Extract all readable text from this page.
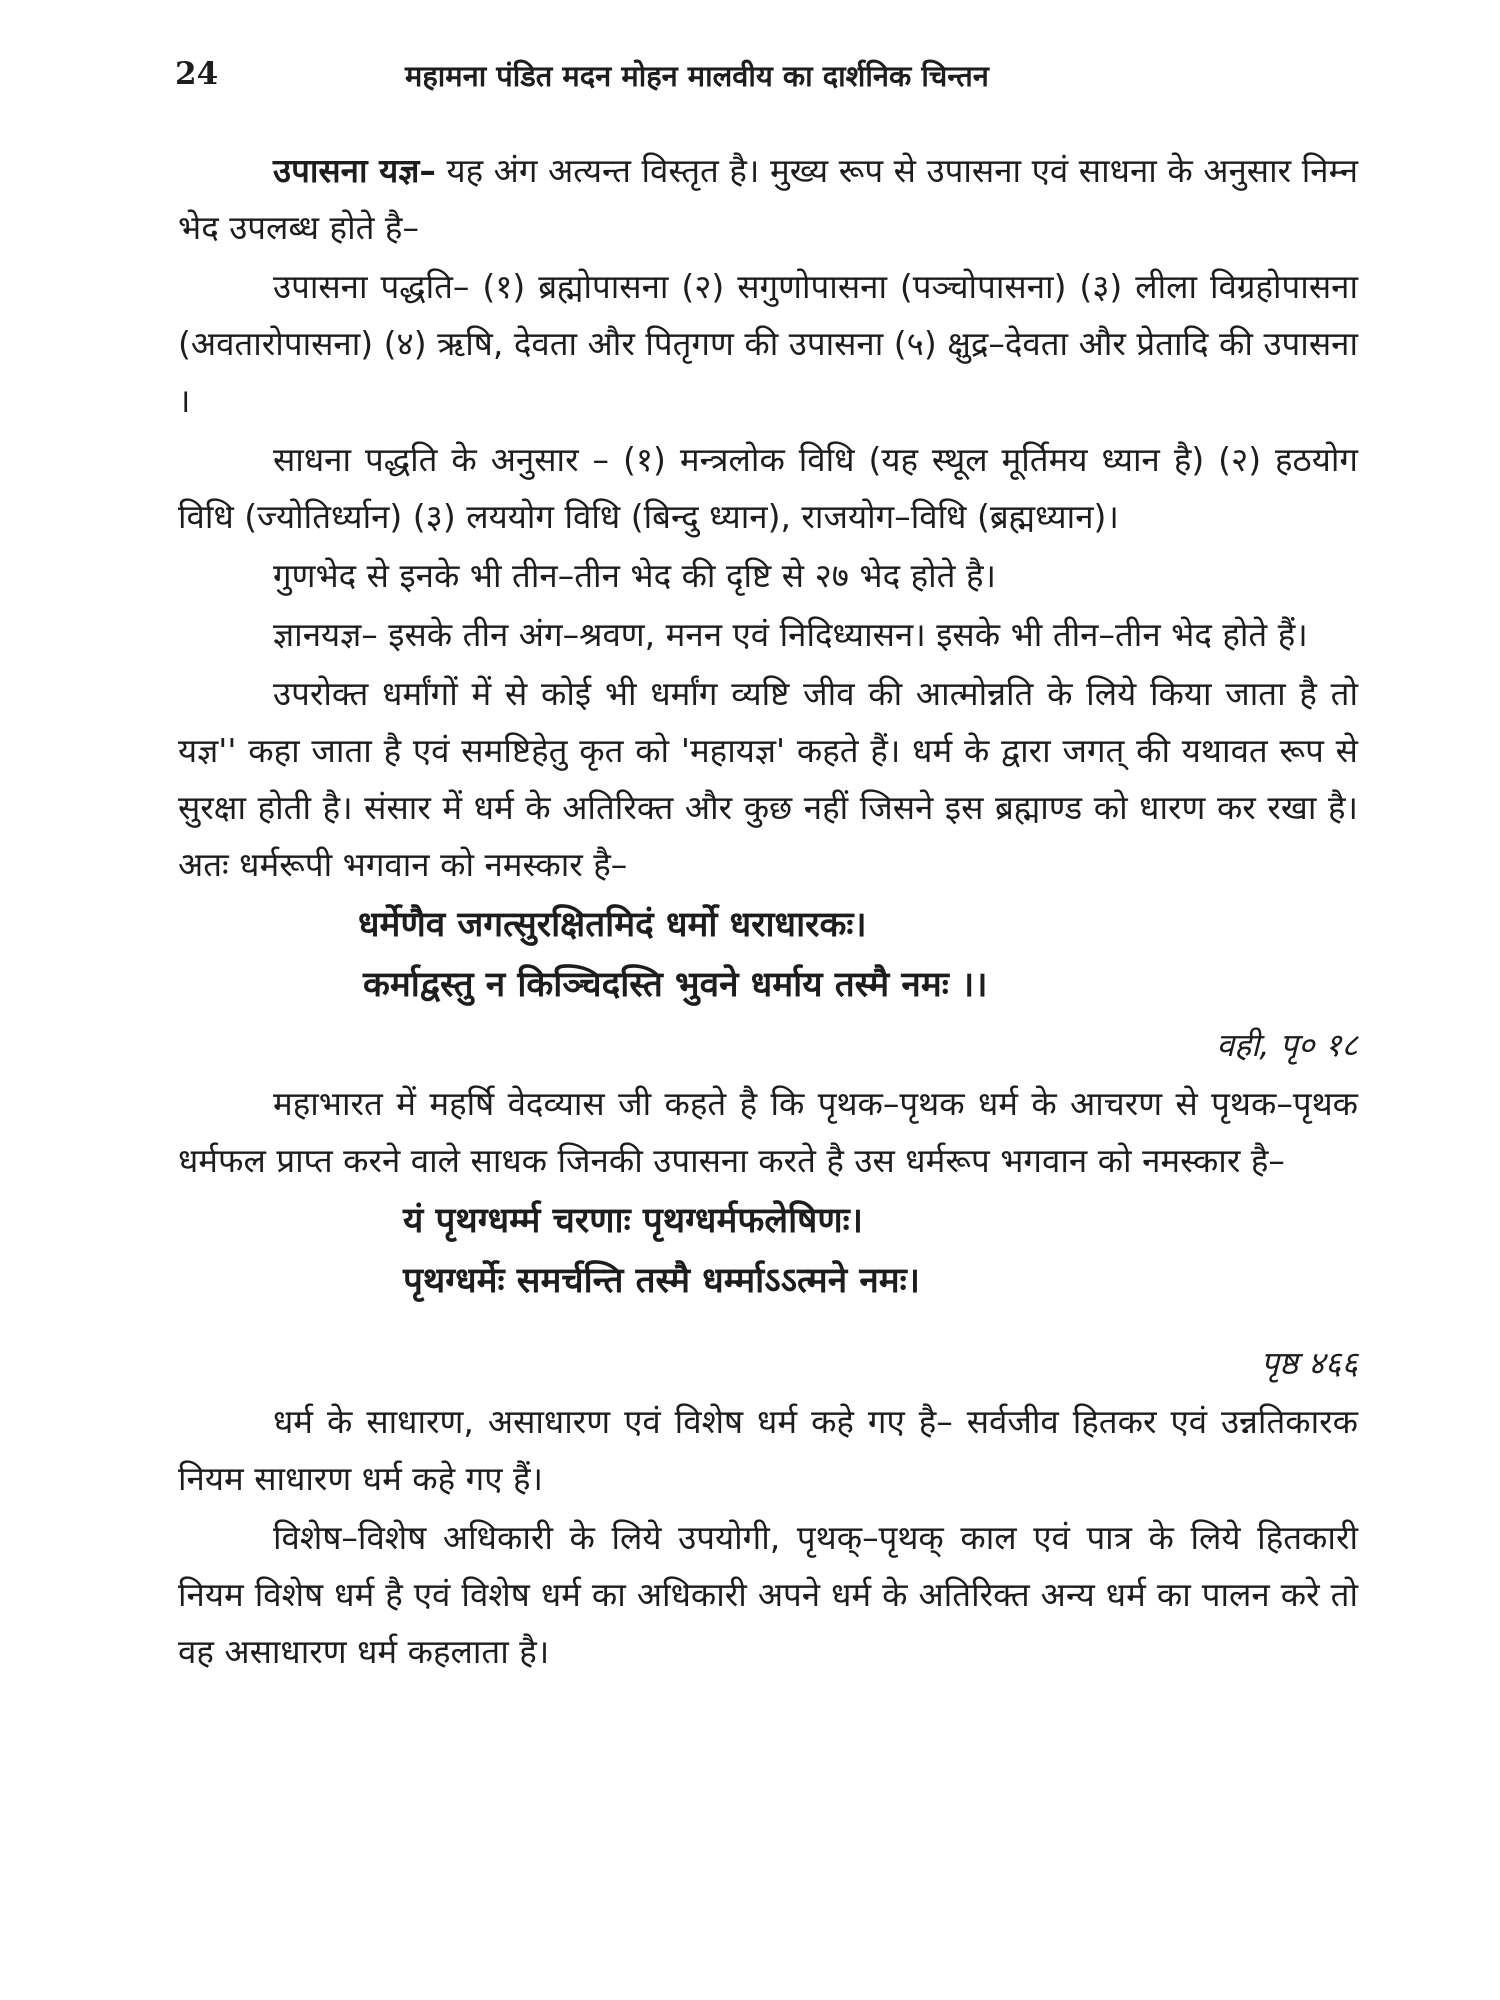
24	महामना पंडित मदन मोहन मालवीय का दार्शनिक चिन्तन

उपासना यज्ञ– यह अंग अत्यन्त विस्तृत है। मुख्य रूप से उपासना एवं साधना के अनुसार निम्न भेद उपलब्ध होते है–

उपासना पद्धति– (१) ब्रह्मोपासना (२) सगुणोपासना (पञ्चोपासना) (३) लीला विग्रहोपासना (अवतारोपासना) (४) ऋषि, देवता और पितृगण की उपासना (५) क्षुद्र–देवता और प्रेतादि की उपासना ।

साधना पद्धति के अनुसार – (१) मन्त्रलोक विधि (यह स्थूल मूर्तिमय ध्यान है) (२) हठयोग विधि (ज्योतिर्ध्यान) (३) लययोग विधि (बिन्दु ध्यान), राजयोग–विधि (ब्रह्मध्यान)।

गुणभेद से इनके भी तीन–तीन भेद की दृष्टि से २७ भेद होते है।

ज्ञानयज्ञ– इसके तीन अंग–श्रवण, मनन एवं निदिध्यासन। इसके भी तीन–तीन भेद होते हैं।

उपरोक्त धर्मांगों में से कोई भी धर्मांग व्यष्टि जीव की आत्मोन्नति के लिये किया जाता है तो यज्ञ'' कहा जाता है एवं समष्टिहेतु कृत को 'महायज्ञ' कहते हैं। धर्म के द्वारा जगत् की यथावत रूप से सुरक्षा होती है। संसार में धर्म के अतिरिक्त और कुछ नहीं जिसने इस ब्रह्माण्ड को धारण कर रखा है। अतः धर्मरूपी भगवान को नमस्कार है–

धर्मेणैव जगत्सुरक्षितमिदं धर्मो धराधारकः।
कर्माद्वस्तु न किञ्चिदस्ति भुवने धर्माय तस्मै नमः ।।
वही, पृ० १८

महाभारत में महर्षि वेदव्यास जी कहते है कि पृथक–पृथक धर्म के आचरण से पृथक–पृथक धर्मफल प्राप्त करने वाले साधक जिनकी उपासना करते है उस धर्मरूप भगवान को नमस्कार है–

यं पृथग्धर्म्म चरणाः पृथग्धर्मफलेषिणः।
पृथग्धर्मेः समर्चन्ति तस्मै धर्म्माऽऽत्मने नमः।
पृष्ठ ४६६

धर्म के साधारण, असाधारण एवं विशेष धर्म कहे गए है– सर्वजीव हितकर एवं उन्नतिकारक नियम साधारण धर्म कहे गए हैं।

विशेष–विशेष अधिकारी के लिये उपयोगी, पृथक्–पृथक् काल एवं पात्र के लिये हितकारी नियम विशेष धर्म है एवं विशेष धर्म का अधिकारी अपने धर्म के अतिरिक्त अन्य धर्म का पालन करे तो वह असाधारण धर्म कहलाता है।
